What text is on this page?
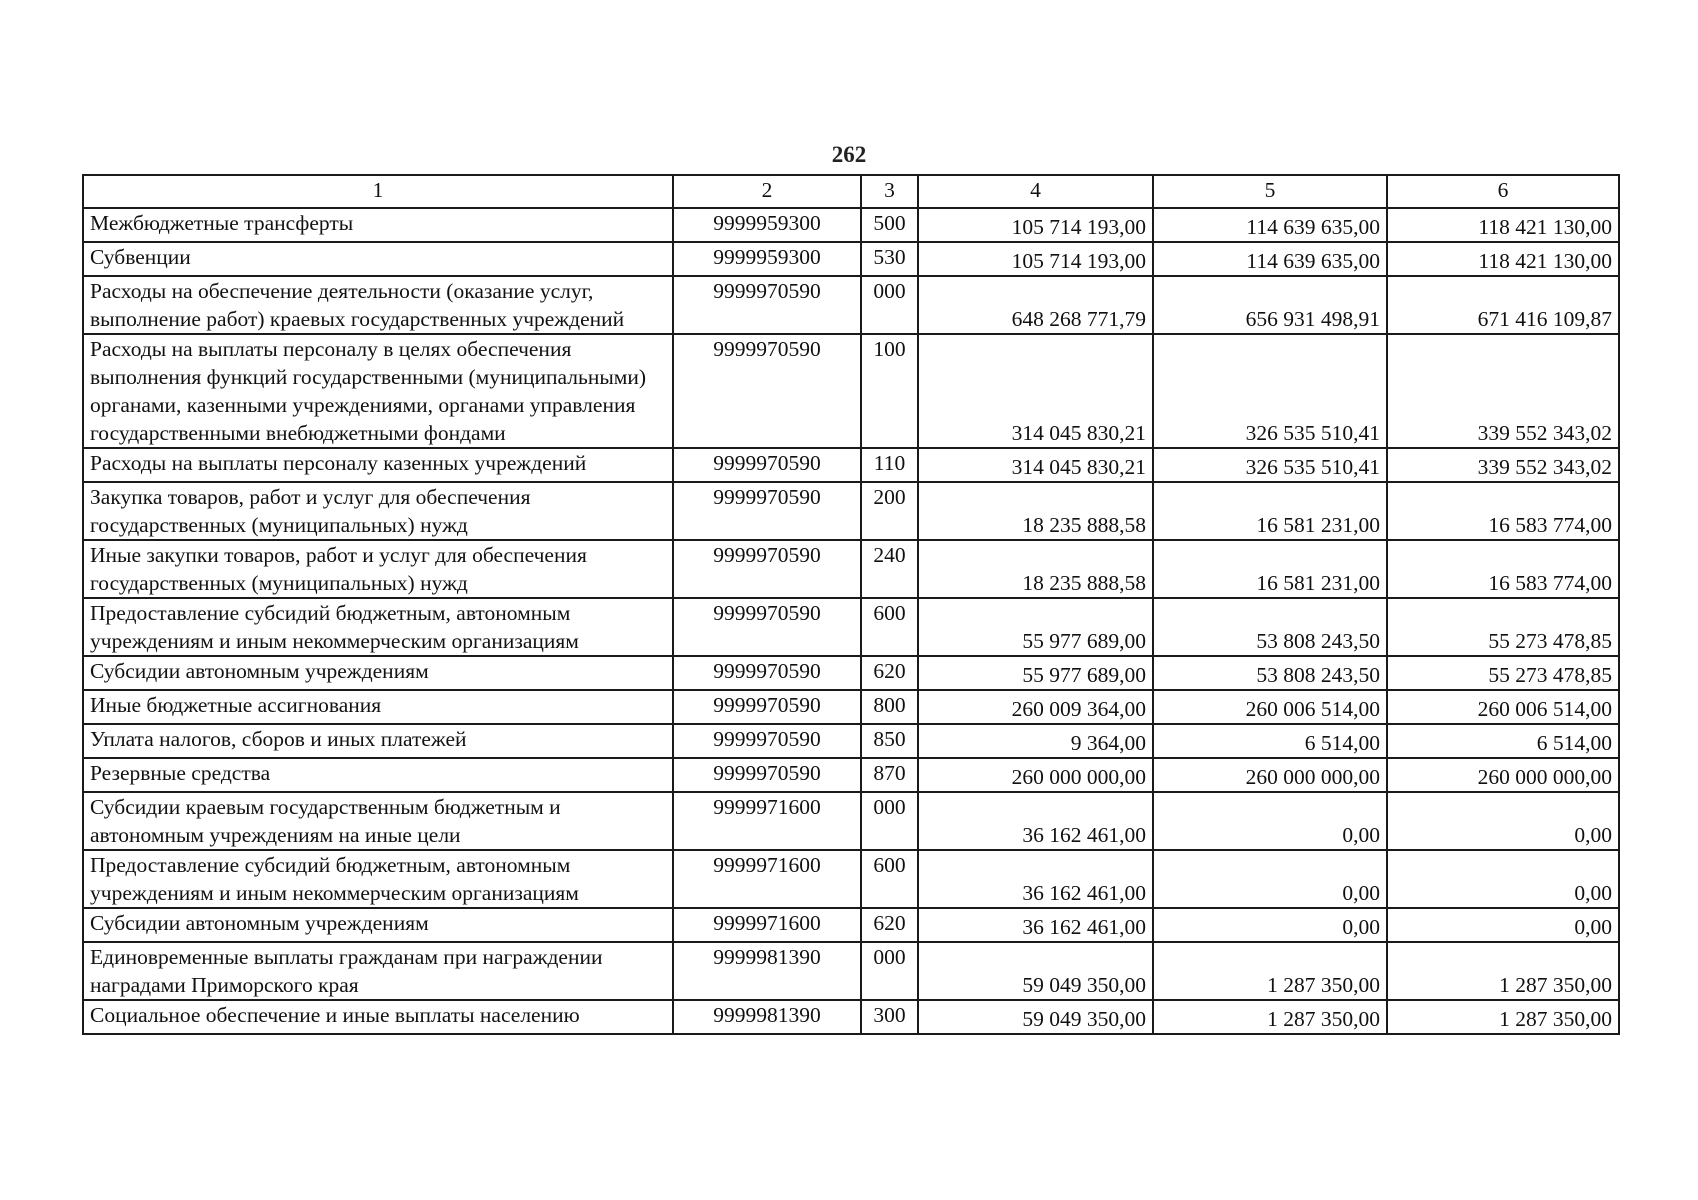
262
1	2	3	4	5	6
Межбюджетные трансферты	9999959300	500	105 714 193,00	114 639 635,00	118 421 130,00
Субвенции	9999959300	530	105 714 193,00	114 639 635,00	118 421 130,00
Расходы на обеспечение деятельности (оказание услуг, выполнение работ) краевых государственных учреждений	9999970590	000	648 268 771,79	656 931 498,91	671 416 109,87
Расходы на выплаты персоналу в целях обеспечения выполнения функций государственными (муниципальными) органами, казенными учреждениями, органами управления государственными внебюджетными фондами	9999970590	100	314 045 830,21	326 535 510,41	339 552 343,02
Расходы на выплаты персоналу казенных учреждений	9999970590	110	314 045 830,21	326 535 510,41	339 552 343,02
Закупка товаров, работ и услуг для обеспечения государственных (муниципальных) нужд	9999970590	200	18 235 888,58	16 581 231,00	16 583 774,00
Иные закупки товаров, работ и услуг для обеспечения государственных (муниципальных) нужд	9999970590	240	18 235 888,58	16 581 231,00	16 583 774,00
Предоставление субсидий бюджетным, автономным учреждениям и иным некоммерческим организациям	9999970590	600	55 977 689,00	53 808 243,50	55 273 478,85
Субсидии автономным учреждениям	9999970590	620	55 977 689,00	53 808 243,50	55 273 478,85
Иные бюджетные ассигнования	9999970590	800	260 009 364,00	260 006 514,00	260 006 514,00
Уплата налогов, сборов и иных платежей	9999970590	850	9 364,00	6 514,00	6 514,00
Резервные средства	9999970590	870	260 000 000,00	260 000 000,00	260 000 000,00
Субсидии краевым государственным бюджетным и автономным учреждениям на иные цели	9999971600	000	36 162 461,00	0,00	0,00
Предоставление субсидий бюджетным, автономным учреждениям и иным некоммерческим организациям	9999971600	600	36 162 461,00	0,00	0,00
Субсидии автономным учреждениям	9999971600	620	36 162 461,00	0,00	0,00
Единовременные выплаты гражданам при награждении наградами Приморского края	9999981390	000	59 049 350,00	1 287 350,00	1 287 350,00
Социальное обеспечение и иные выплаты населению	9999981390	300	59 049 350,00	1 287 350,00	1 287 350,00
